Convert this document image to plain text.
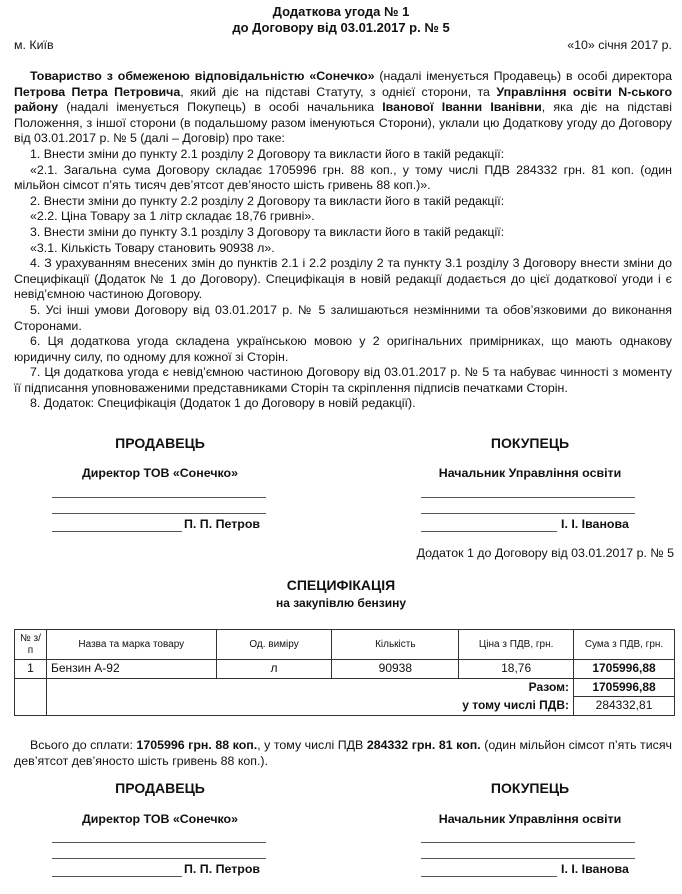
Додаткова угода № 1
до Договору від 03.01.2017 р. № 5
м. Київ	«10» січня 2017 р.

Товариство з обмеженою відповідальністю «Сонечко» (надалі іменується Продавець) в особі директора Петрова Петра Петровича, який діє на підставі Статуту, з однієї сторони, та Управління освіти N-ського району (надалі іменується Покупець) в особі начальника Іванової Іванни Іванівни, яка діє на підставі Положення, з іншої сторони (в подальшому разом іменуються Сторони), уклали цю Додаткову угоду до Договору від 03.01.2017 р. № 5 (далі – Договір) про таке:

1. Внести зміни до пункту 2.1 розділу 2 Договору та викласти його в такій редакції:

«2.1. Загальна сума Договору складає 1705996 грн. 88 коп., у тому числі ПДВ 284332 грн. 81 коп. (один мільйон сімсот п’ять тисяч дев’ятсот дев’яносто шість гривень 88 коп.)».

2. Внести зміни до пункту 2.2 розділу 2 Договору та викласти його в такій редакції:

«2.2. Ціна Товару за 1 літр складає 18,76 гривні».

3. Внести зміни до пункту 3.1 розділу 3 Договору та викласти його в такій редакції:

«3.1. Кількість Товару становить 90938 л».

4. З урахуванням внесених змін до пунктів 2.1 і 2.2 розділу 2 та пункту 3.1 розділу 3 Договору внести зміни до Специфікації (Додаток № 1 до Договору). Специфікація в новій редакції додається до цієї додаткової угоди і є невід’ємною частиною Договору.

5. Усі інші умови Договору від 03.01.2017 р. № 5 залишаються незмінними та обов’язковими до виконання Сторонами.

6. Ця додаткова угода складена українською мовою у 2 оригінальних примірниках, що мають однакову юридичну силу, по одному для кожної зі Сторін.

7. Ця додаткова угода є невід’ємною частиною Договору від 03.01.2017 р. № 5 та набуває чинності з моменту її підписання уповноваженими представниками Сторін та скріплення підписів печатками Сторін.

8. Додаток: Специфікація (Додаток 1 до Договору в новій редакції).

ПРОДАВЕЦЬ	ПОКУПЕЦЬ
Директор ТОВ «Сонечко»	Начальник Управління освіти
П. П. Петров	І. І. Іванова
Додаток 1 до Договору від 03.01.2017 р. № 5
СПЕЦИФІКАЦІЯ
на закупівлю бензину
№ з/п	Назва та марка товару	Од. виміру	Кількість	Ціна з ПДВ, грн.	Сума з ПДВ, грн.
1	Бензин А-92	л	90938	18,76	1705996,88
	Разом:				1705996,88
	у тому числі ПДВ:				284332,81
Всього до сплати: 1705996 грн. 88 коп., у тому числі ПДВ 284332 грн. 81 коп. (один мільйон сімсот п’ять тисяч дев’ятсот дев’яносто шість гривень 88 коп.).
ПРОДАВЕЦЬ	ПОКУПЕЦЬ
Директор ТОВ «Сонечко»	Начальник Управління освіти
П. П. Петров	І. І. Іванова
